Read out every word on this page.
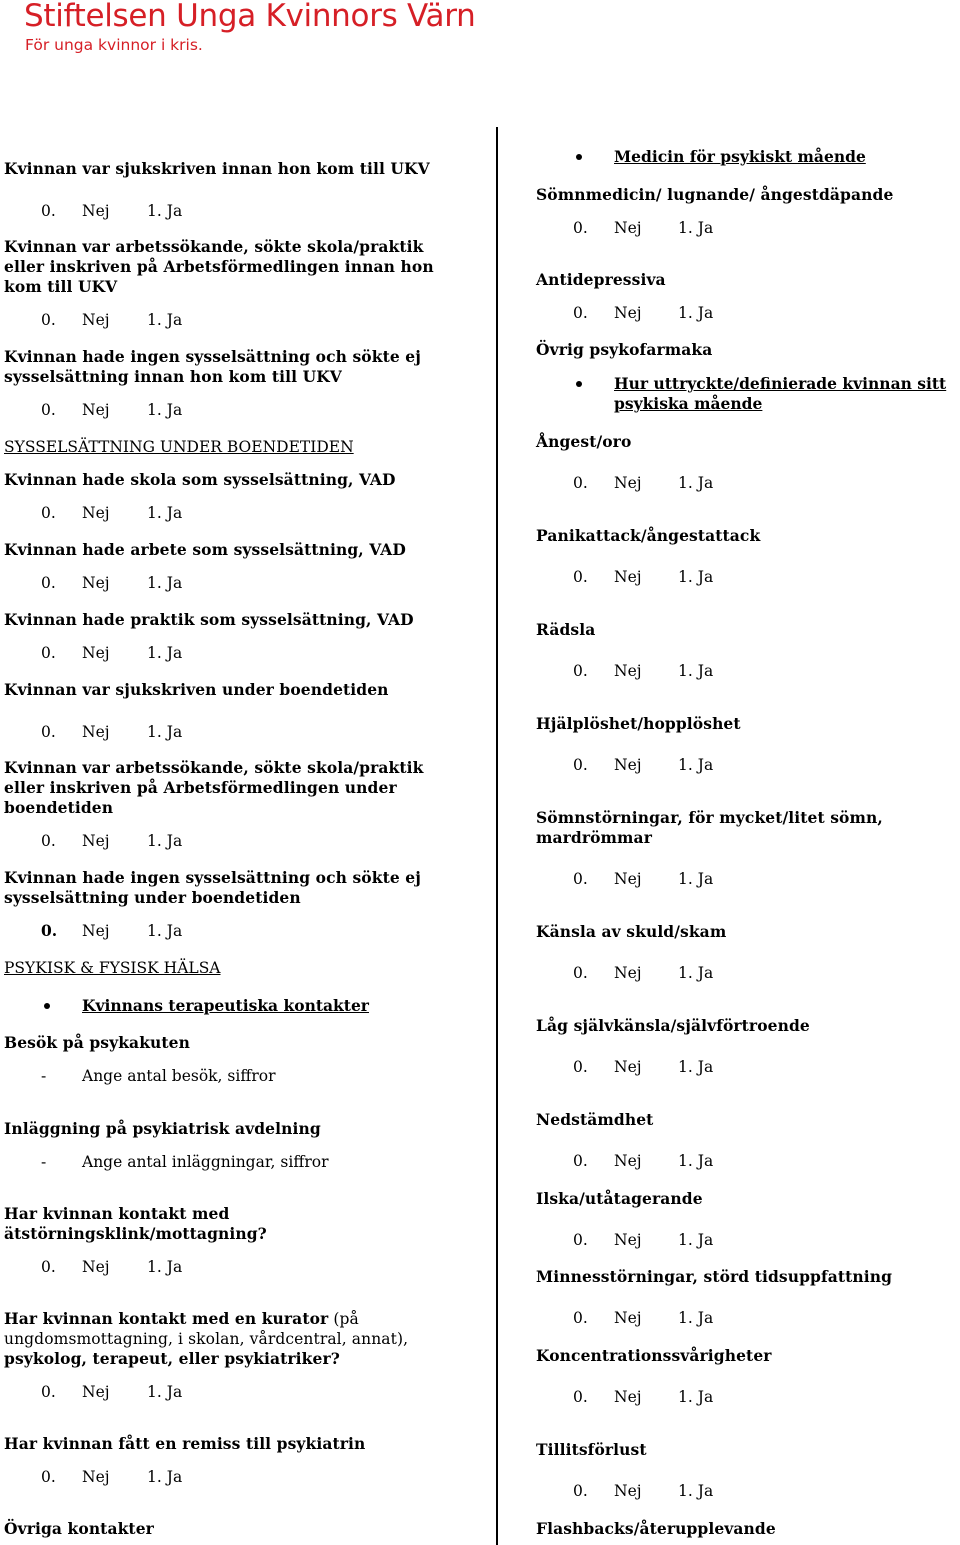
Stiftelsen Unga Kvinnors Värn
För unga kvinnor i kris.
Kvinnan var sjukskriven innan hon kom till UKV
0. Nej 1. Ja
Kvinnan var arbetssökande, sökte skola/praktik
eller inskriven på Arbetsförmedlingen innan hon
kom till UKV
0. Nej 1. Ja
Kvinnan hade ingen sysselsättning och sökte ej
sysselsättning innan hon kom till UKV
0. Nej 1. Ja
SYSSELSÄTTNING UNDER BOENDETIDEN
Kvinnan hade skola som sysselsättning, VAD
0. Nej 1. Ja
Kvinnan hade arbete som sysselsättning, VAD
0. Nej 1. Ja
Kvinnan hade praktik som sysselsättning, VAD
0. Nej 1. Ja
Kvinnan var sjukskriven under boendetiden
0. Nej 1. Ja
Kvinnan var arbetssökande, sökte skola/praktik
eller inskriven på Arbetsförmedlingen under
boendetiden
0. Nej 1. Ja
Kvinnan hade ingen sysselsättning och sökte ej
sysselsättning under boendetiden
0. Nej 1. Ja
PSYKISK & FYSISK HÄLSA
Kvinnans terapeutiska kontakter
Besök på psykakuten
- Ange antal besök, siffror
Inläggning på psykiatrisk avdelning
- Ange antal inläggningar, siffror
Har kvinnan kontakt med
ätstörningsklink/mottagning?
0. Nej 1. Ja
Har kvinnan kontakt med en kurator (på
ungdomsmottagning, i skolan, vårdcentral, annat),
psykolog, terapeut, eller psykiatriker?
0. Nej 1. Ja
Har kvinnan fått en remiss till psykiatrin
0. Nej 1. Ja
Övriga kontakter
Medicin för psykiskt mående
Sömnmedicin/ lugnande/ ångestdäpande
0. Nej 1. Ja
Antidepressiva
0. Nej 1. Ja
Övrig psykofarmaka
Hur uttryckte/definierade kvinnan sitt
psykiska mående
Ångest/oro
0. Nej 1. Ja
Panikattack/ångestattack
0. Nej 1. Ja
Rädsla
0. Nej 1. Ja
Hjälplöshet/hopplöshet
0. Nej 1. Ja
Sömnstörningar, för mycket/litet sömn,
mardrömmar
0. Nej 1. Ja
Känsla av skuld/skam
0. Nej 1. Ja
Låg självkänsla/självförtroende
0. Nej 1. Ja
Nedstämdhet
0. Nej 1. Ja
Ilska/utåtagerande
0. Nej 1. Ja
Minnesstörningar, störd tidsuppfattning
0. Nej 1. Ja
Koncentrationssvårigheter
0. Nej 1. Ja
Tillitsförlust
0. Nej 1. Ja
Flashbacks/återupplevande
